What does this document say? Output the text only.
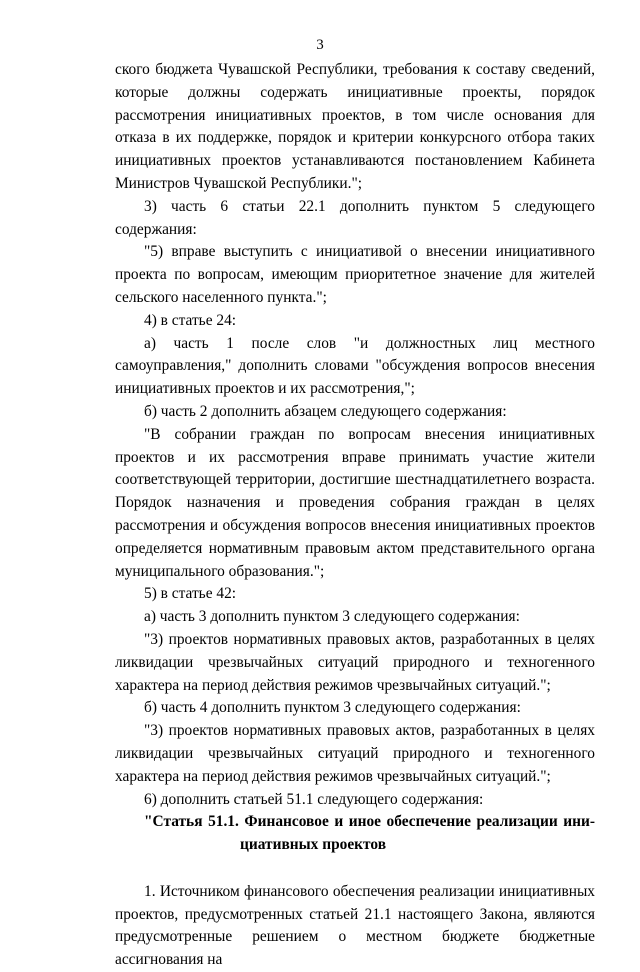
3

ского бюджета Чувашской Республики, требования к составу сведений, которые должны содержать инициативные проекты, порядок рассмотрения инициативных проектов, в том числе основания для отказа в их поддержке, порядок и критерии конкурсного отбора таких инициативных проектов устанавливаются постановлением Кабинета Министров Чувашской Республики.";

3) часть 6 статьи 22.1 дополнить пунктом 5 следующего содержания:

"5) вправе выступить с инициативой о внесении инициативного проекта по вопросам, имеющим приоритетное значение для жителей сельского населенного пункта.";

4) в статье 24:

а) часть 1 после слов "и должностных лиц местного самоуправления," дополнить словами "обсуждения вопросов внесения инициативных проектов и их рассмотрения,";

б) часть 2 дополнить абзацем следующего содержания:

"В собрании граждан по вопросам внесения инициативных проектов и их рассмотрения вправе принимать участие жители соответствующей территории, достигшие шестнадцатилетнего возраста. Порядок назначения и проведения собрания граждан в целях рассмотрения и обсуждения вопросов внесения инициативных проектов определяется нормативным правовым актом представительного органа муниципального образования.";

5) в статье 42:

а) часть 3 дополнить пунктом 3 следующего содержания:

"3) проектов нормативных правовых актов, разработанных в целях ликвидации чрезвычайных ситуаций природного и техногенного характера на период действия режимов чрезвычайных ситуаций.";

б) часть 4 дополнить пунктом 3 следующего содержания:

"3) проектов нормативных правовых актов, разработанных в целях ликвидации чрезвычайных ситуаций природного и техногенного характера на период действия режимов чрезвычайных ситуаций.";

6) дополнить статьей 51.1 следующего содержания:

"Статья 51.1. Финансовое и иное обеспечение реализации ини-
циативных проектов

1. Источником финансового обеспечения реализации инициативных проектов, предусмотренных статьей 21.1 настоящего Закона, являются предусмотренные решением о местном бюджете бюджетные ассигнования на
